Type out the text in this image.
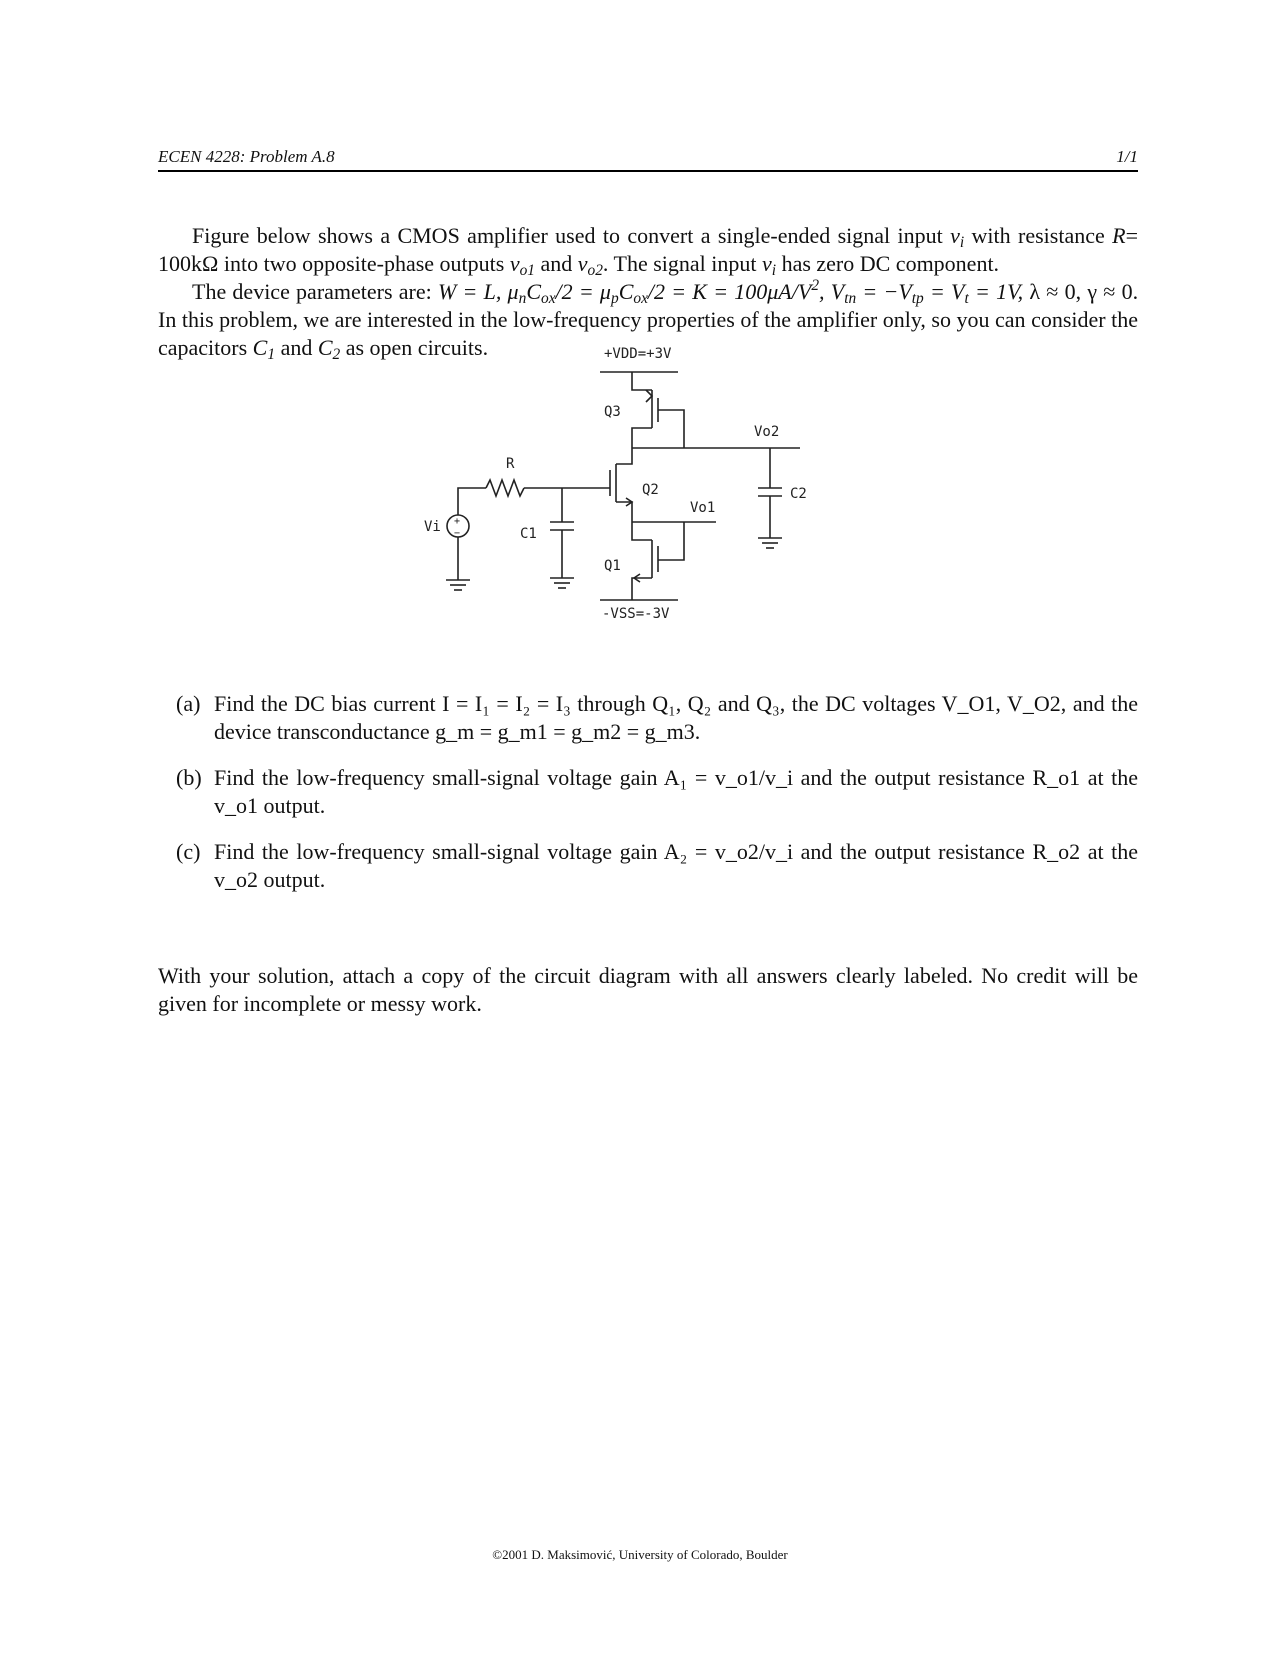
ECEN 4228: Problem A.8	1/1
Figure below shows a CMOS amplifier used to convert a single-ended signal input $v_i$ with resistance R= 100kΩ into two opposite-phase outputs $v_{o1}$ and $v_{o2}$. The signal input $v_i$ has zero DC component.
The device parameters are: W = L, $\mu_nC_{ox}/2 = \mu_pC_{ox}/2 = K = 100\mu A/V^2$, $V_{tn} = -V_{tp} = V_t = 1V$, λ ≈ 0, γ ≈ 0. In this problem, we are interested in the low-frequency properties of the amplifier only, so you can consider the capacitors $C_1$ and $C_2$ as open circuits.	+VDD=+3V
-VSS=-3V
Q3
Q2
Q1
R
C1
C2
Vi
Vo1
Vo2
+
−
(a) Find the DC bias current I = I₁ = I₂ = I₃ through Q₁, Q₂ and Q₃, the DC voltages V_O1, V_O2, and the device transconductance g_m = g_m1 = g_m2 = g_m3.
(b) Find the low-frequency small-signal voltage gain A₁ = v_o1/v_i and the output resistance R_o1 at the v_o1 output.
(c) Find the low-frequency small-signal voltage gain A₂ = v_o2/v_i and the output resistance R_o2 at the v_o2 output.
With your solution, attach a copy of the circuit diagram with all answers clearly labeled. No credit will be given for incomplete or messy work.
©2001 D. Maksimović, University of Colorado, Boulder
